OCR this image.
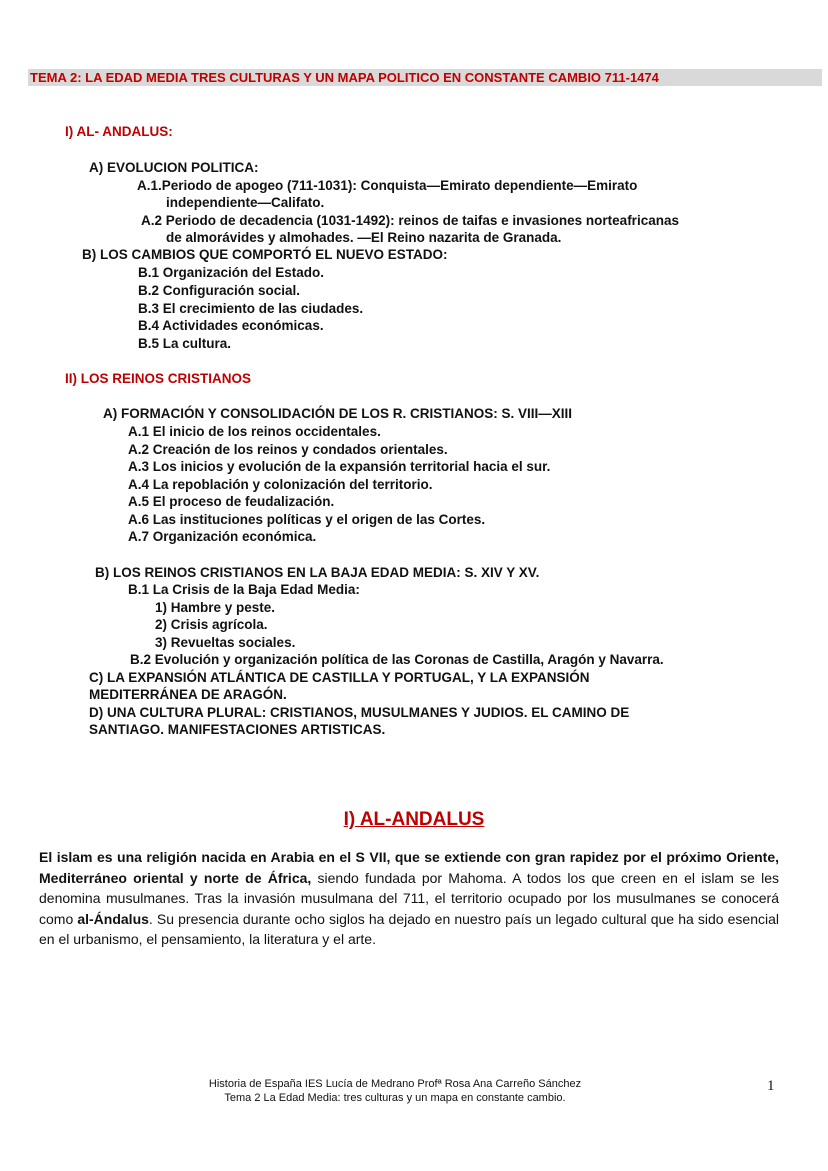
TEMA 2: LA EDAD MEDIA TRES CULTURAS Y UN MAPA POLITICO EN CONSTANTE CAMBIO 711-1474
I) AL- ANDALUS:
A) EVOLUCION POLITICA:
A.1.Periodo de apogeo (711-1031): Conquista—Emirato dependiente—Emirato
independiente—Califato.
A.2 Periodo de decadencia (1031-1492): reinos de taifas e invasiones norteafricanas
de almorávides y almohades. —El Reino nazarita de Granada.
B) LOS CAMBIOS QUE COMPORTÓ EL NUEVO ESTADO:
B.1 Organización del Estado.
B.2 Configuración social.
B.3 El crecimiento de las ciudades.
B.4 Actividades económicas.
B.5 La cultura.
II) LOS REINOS CRISTIANOS
A) FORMACIÓN Y CONSOLIDACIÓN DE LOS R. CRISTIANOS: S. VIII—XIII
A.1 El inicio de los reinos occidentales.
A.2 Creación de los reinos y condados orientales.
A.3 Los inicios y evolución de la expansión territorial hacia el sur.
A.4 La repoblación y colonización del territorio.
A.5 El proceso de feudalización.
A.6 Las instituciones políticas y el origen de las Cortes.
A.7 Organización económica.
B) LOS REINOS CRISTIANOS EN LA BAJA EDAD MEDIA: S. XIV Y XV.
B.1 La Crisis de la Baja Edad Media:
1) Hambre y peste.
2) Crisis agrícola.
3) Revueltas sociales.
B.2 Evolución y organización política de las Coronas de Castilla, Aragón y Navarra.
C) LA EXPANSIÓN ATLÁNTICA DE CASTILLA Y PORTUGAL, Y LA EXPANSIÓN
MEDITERRÁNEA DE ARAGÓN.
D) UNA CULTURA PLURAL: CRISTIANOS, MUSULMANES Y JUDIOS. EL CAMINO DE
SANTIAGO. MANIFESTACIONES ARTISTICAS.
I) AL-ANDALUS
El islam es una religión nacida en Arabia en el S VII, que se extiende con gran rapidez por el próximo Oriente, Mediterráneo oriental y norte de África, siendo fundada por Mahoma. A todos los que creen en el islam se les denomina musulmanes. Tras la invasión musulmana del 711, el territorio ocupado por los musulmanes se conocerá como al-Ándalus. Su presencia durante ocho siglos ha dejado en nuestro país un legado cultural que ha sido esencial en el urbanismo, el pensamiento, la literatura y el arte.
Historia de España IES Lucía de Medrano Profª Rosa Ana Carreño Sánchez
Tema 2 La Edad Media: tres culturas y un mapa en constante cambio.
1
